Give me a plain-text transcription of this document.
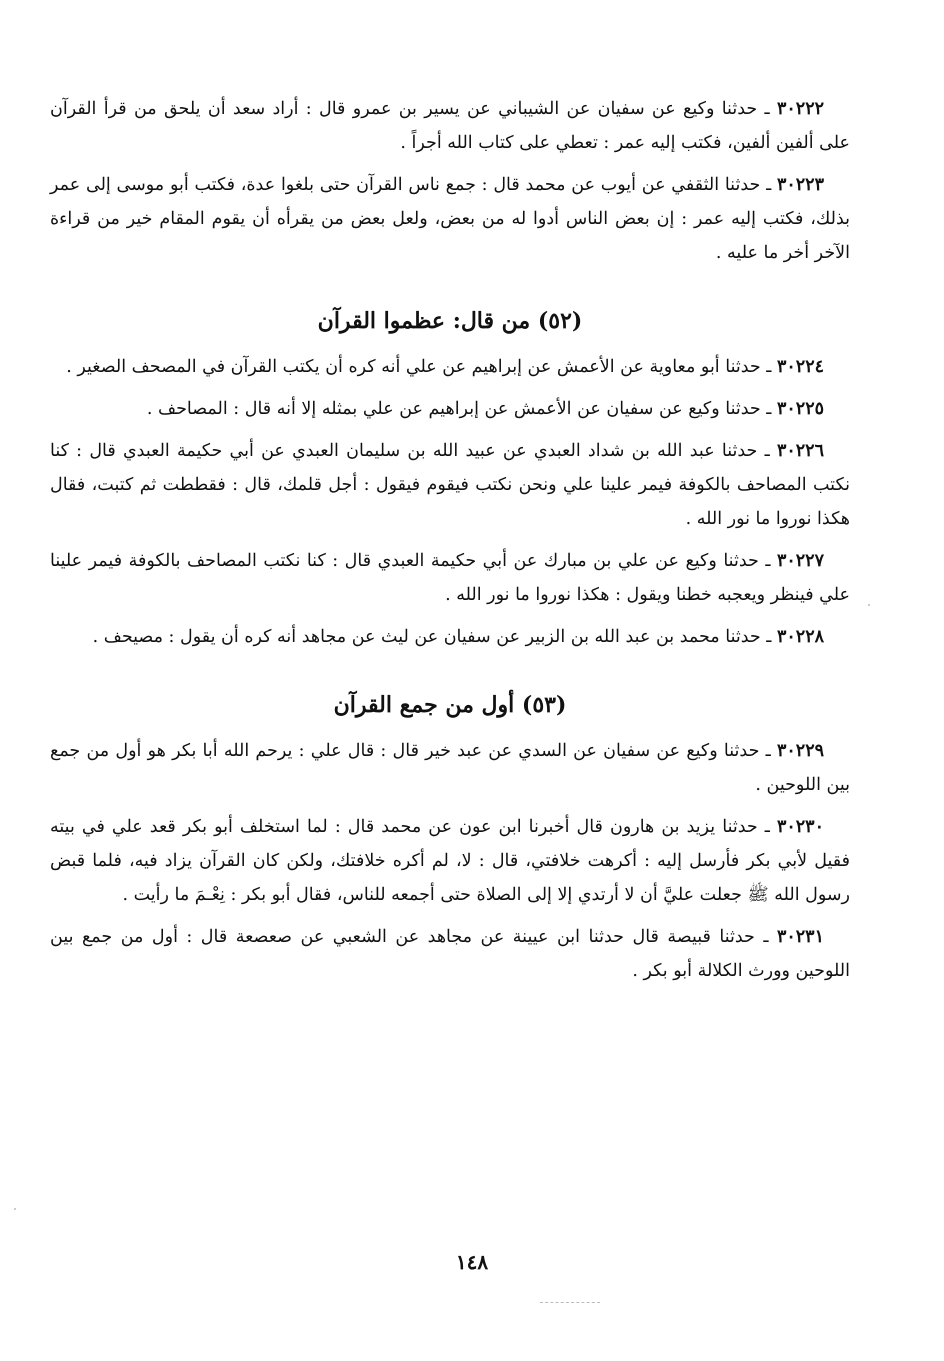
٣٠٢٢٢ ـ حدثنا وكيع عن سفيان عن الشيباني عن يسير بن عمرو قال : أراد سعد أن يلحق من قرأ القرآن على ألفين ألفين، فكتب إليه عمر : تعطي على كتاب الله أجراً .

٣٠٢٢٣ ـ حدثنا الثقفي عن أيوب عن محمد قال : جمع ناس القرآن حتى بلغوا عدة، فكتب أبو موسى إلى عمر بذلك، فكتب إليه عمر : إن بعض الناس أدوا له من بعض، ولعل بعض من يقرأه أن يقوم المقام خير من قراءة الآخر أخر ما عليه .

(٥٢) من قال: عظموا القرآن

٣٠٢٢٤ ـ حدثنا أبو معاوية عن الأعمش عن إبراهيم عن علي أنه كره أن يكتب القرآن في المصحف الصغير .

٣٠٢٢٥ ـ حدثنا وكيع عن سفيان عن الأعمش عن إبراهيم عن علي بمثله إلا أنه قال : المصاحف .

٣٠٢٢٦ ـ حدثنا عبد الله بن شداد العبدي عن عبيد الله بن سليمان العبدي عن أبي حكيمة العبدي قال : كنا نكتب المصاحف بالكوفة فيمر علينا علي ونحن نكتب فيقوم فيقول : أجل قلمك، قال : فقططت ثم كتبت، فقال هكذا نوروا ما نور الله .

٣٠٢٢٧ ـ حدثنا وكيع عن علي بن مبارك عن أبي حكيمة العبدي قال : كنا نكتب المصاحف بالكوفة فيمر علينا علي فينظر ويعجبه خطنا ويقول : هكذا نوروا ما نور الله .

٣٠٢٢٨ ـ حدثنا محمد بن عبد الله بن الزبير عن سفيان عن ليث عن مجاهد أنه كره أن يقول : مصيحف .

(٥٣) أول من جمع القرآن

٣٠٢٢٩ ـ حدثنا وكيع عن سفيان عن السدي عن عبد خير قال : قال علي : يرحم الله أبا بكر هو أول من جمع بين اللوحين .

٣٠٢٣٠ ـ حدثنا يزيد بن هارون قال أخبرنا ابن عون عن محمد قال : لما استخلف أبو بكر قعد علي في بيته فقيل لأبي بكر فأرسل إليه : أكرهت خلافتي، قال : لا، لم أكره خلافتك، ولكن كان القرآن يزاد فيه، فلما قبض رسول الله ﷺ جعلت عليَّ أن لا أرتدي إلا إلى الصلاة حتى أجمعه للناس، فقال أبو بكر : نِعْـمَ ما رأيت .

٣٠٢٣١ ـ حدثنا قبيصة قال حدثنا ابن عيينة عن مجاهد عن الشعبي عن صعصعة قال : أول من جمع بين اللوحين وورث الكلالة أبو بكر .

١٤٨
